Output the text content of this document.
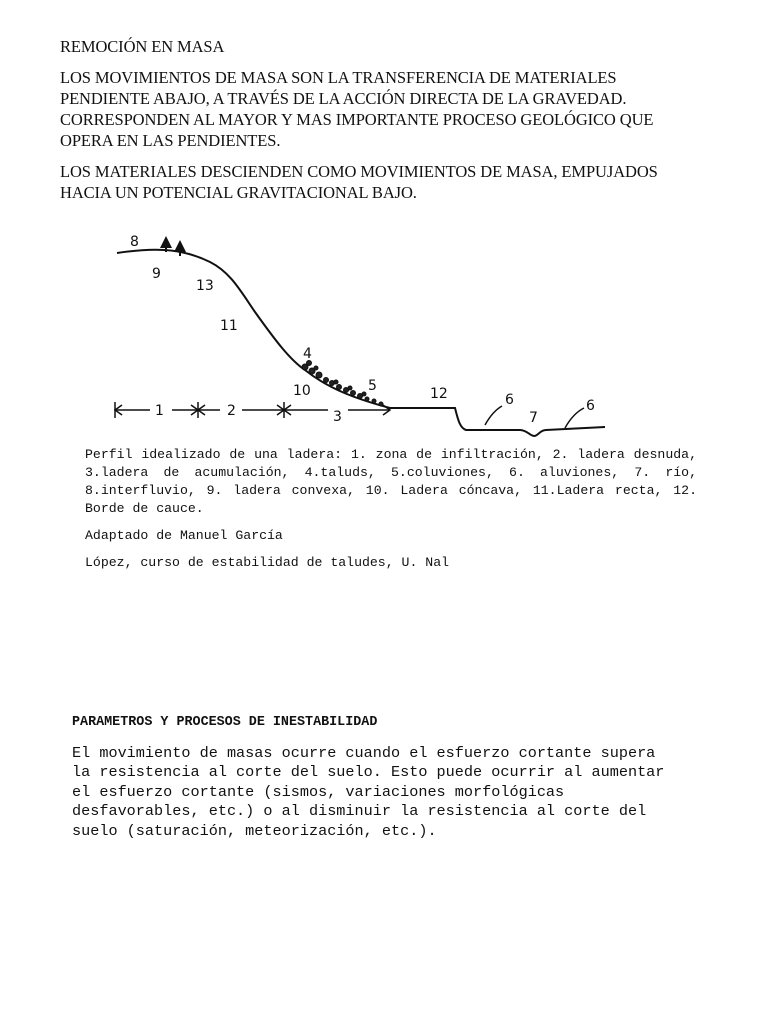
REMOCIÓN EN MASA

LOS MOVIMIENTOS DE MASA SON LA TRANSFERENCIA DE MATERIALES PENDIENTE ABAJO, A TRAVÉS DE LA ACCIÓN DIRECTA DE LA GRAVEDAD. CORRESPONDEN AL MAYOR Y MAS IMPORTANTE PROCESO GEOLÓGICO QUE OPERA EN LAS PENDIENTES.

LOS MATERIALES DESCIENDEN COMO MOVIMIENTOS DE MASA, EMPUJADOS HACIA UN POTENCIAL GRAVITACIONAL BAJO.

8
9
13
11
4
10	5	12	6
7
6
1	2	3

Perfil idealizado de una ladera: 1. zona de infiltración, 2. ladera desnuda, 3.ladera de acumulación, 4.taluds, 5.coluviones, 6. aluviones, 7. río, 8.interfluvio, 9. ladera convexa, 10. Ladera cóncava, 11.Ladera recta, 12. Borde de cauce.

Adaptado de Manuel García

López, curso de estabilidad de taludes, U. Nal

PARAMETROS Y PROCESOS DE INESTABILIDAD

El movimiento de masas ocurre cuando el esfuerzo cortante supera la resistencia al corte del suelo. Esto puede ocurrir al aumentar el esfuerzo cortante (sismos, variaciones morfológicas desfavorables, etc.) o al disminuir la resistencia al corte del suelo (saturación, meteorización, etc.).
